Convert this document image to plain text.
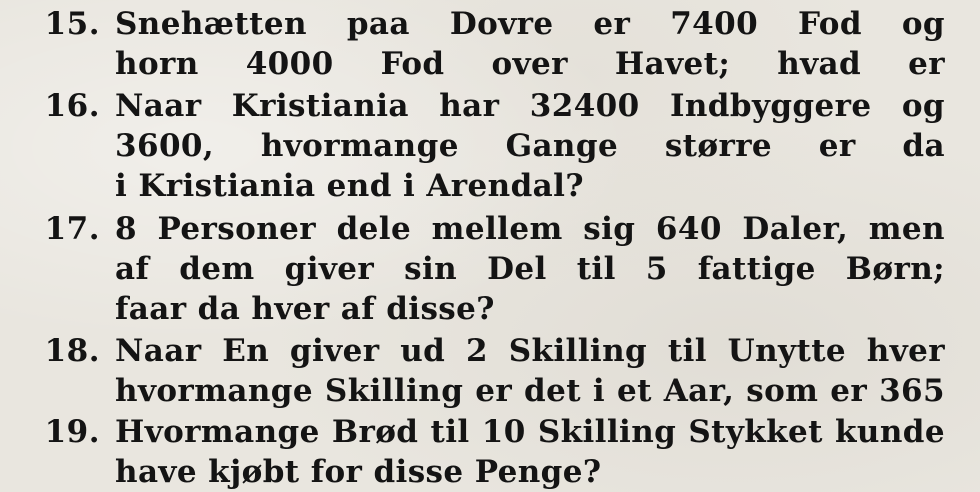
15. Snehætten paa Dovre er 7400 Fod og
horn 4000 Fod over Havet; hvad er
16. Naar Kristiania har 32400 Indbyggere og
3600, hvormange Gange større er da
i Kristiania end i Arendal?
17. 8 Personer dele mellem sig 640 Daler, men
af dem giver sin Del til 5 fattige Børn;
faar da hver af disse?
18. Naar En giver ud 2 Skilling til Unytte hver
hvormange Skilling er det i et Aar, som er 365
19. Hvormange Brød til 10 Skilling Stykket kunde
have kjøbt for disse Penge?
